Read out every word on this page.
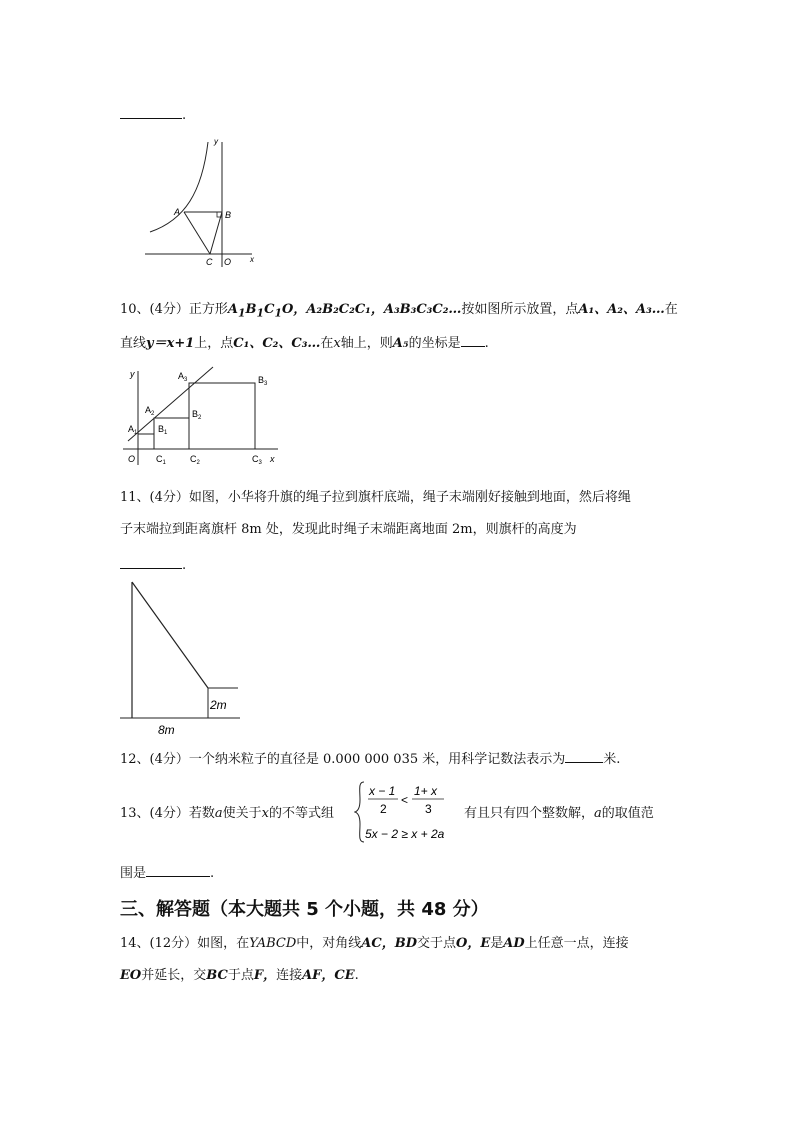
.
y
x
A	B
C O
10、(4分）正方形$A_1B_1C_1O$，A₂B₂C₂C₁，A₃B₃C₃C₂…按如图所示放置，点A₁、A₂、A₃…在
直线y＝x+1上，点C₁、C₂、C₃…在x轴上，则A₅的坐标是 .
y
x
O
$A_1$
$A_2$
$A_3$
$B_1$
$B_2$
$B_3$
$C_1$	$C_2$	$C_3$
11、(4分）如图，小华将升旗的绳子拉到旗杆底端，绳子末端刚好接触到地面，然后将绳
子末端拉到距离旗杆 8m 处，发现此时绳子末端距离地面 2m，则旗杆的高度为
.
2m
8m
12、(4分）一个纳米粒子的直径是 0.000 000 035 米，用科学记数法表示为	米.
13、(4分）若数a使关于x的不等式组
x − 1
2
<
1+ x
3
5x − 2 ≥ x + 2a
有且只有四个整数解，a的取值范
围是	.
三、解答题（本大题共 5 个小题，共 48 分）
14、(12分）如图，在YABCD中，对角线AC，BD交于点O，E是AD上任意一点，连接
EO并延长，交BC于点F，连接AF，CE.
